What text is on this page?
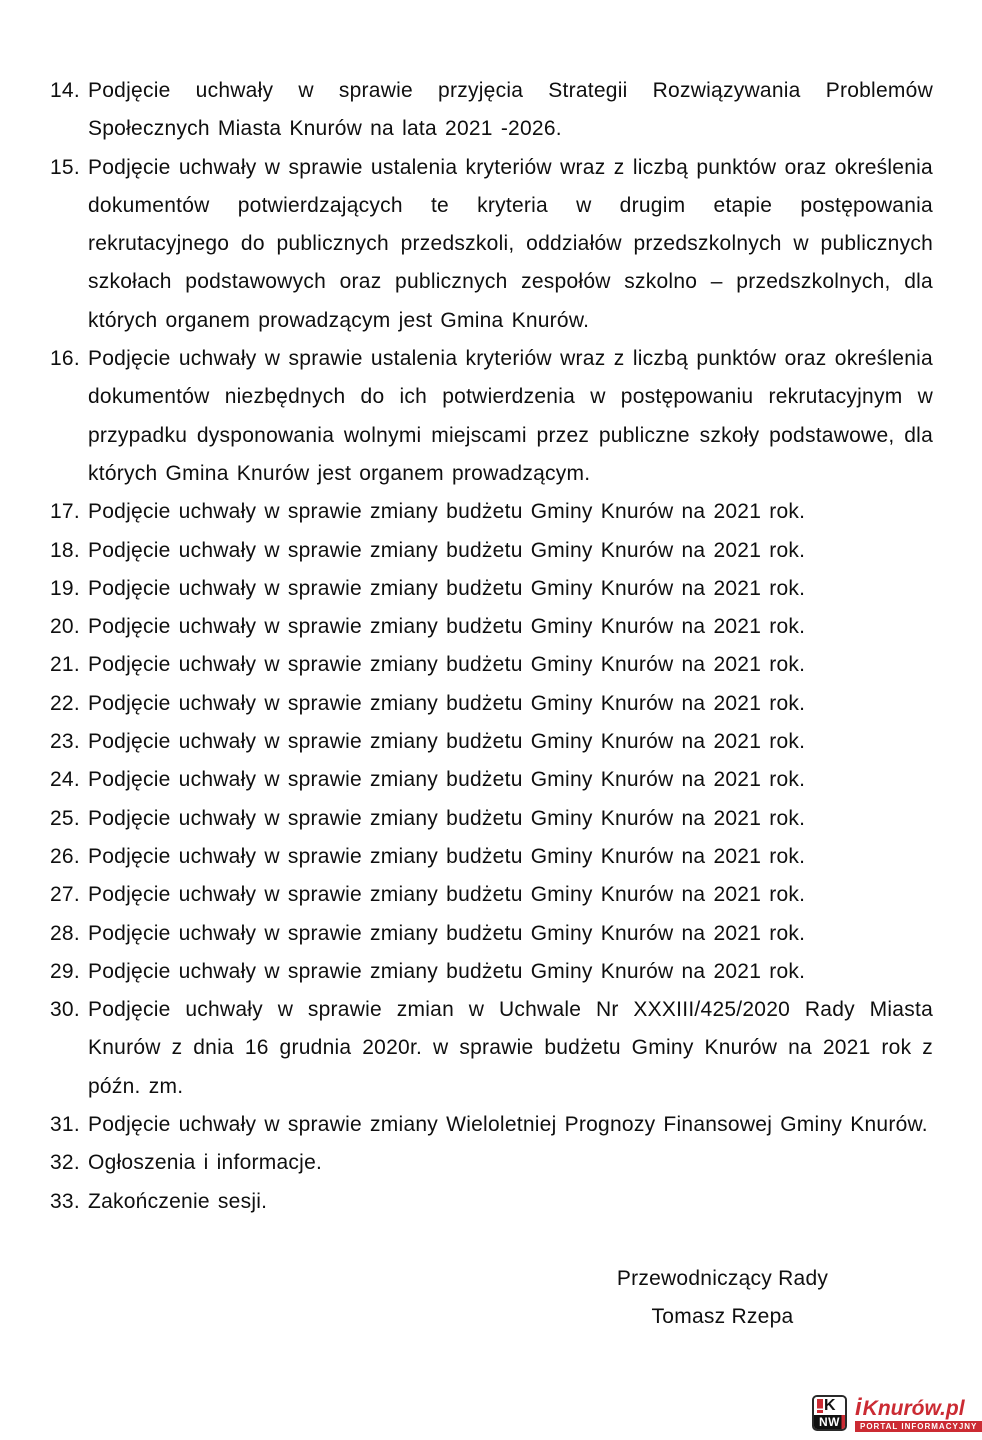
14. Podjęcie uchwały w sprawie przyjęcia Strategii Rozwiązywania Problemów Społecznych Miasta Knurów na lata 2021 -2026.
15. Podjęcie uchwały w sprawie ustalenia kryteriów wraz z liczbą punktów oraz określenia dokumentów potwierdzających te kryteria w drugim etapie postępowania rekrutacyjnego do publicznych przedszkoli, oddziałów przedszkolnych w publicznych szkołach podstawowych oraz publicznych zespołów szkolno – przedszkolnych, dla których organem prowadzącym jest Gmina Knurów.
16. Podjęcie uchwały w sprawie ustalenia kryteriów wraz z liczbą punktów oraz określenia dokumentów niezbędnych do ich potwierdzenia w postępowaniu rekrutacyjnym w przypadku dysponowania wolnymi miejscami przez publiczne szkoły podstawowe, dla których Gmina Knurów jest organem prowadzącym.
17. Podjęcie uchwały w sprawie zmiany budżetu Gminy Knurów na 2021 rok.
18. Podjęcie uchwały w sprawie zmiany budżetu Gminy Knurów na 2021 rok.
19. Podjęcie uchwały w sprawie zmiany budżetu Gminy Knurów na 2021 rok.
20. Podjęcie uchwały w sprawie zmiany budżetu Gminy Knurów na 2021 rok.
21. Podjęcie uchwały w sprawie zmiany budżetu Gminy Knurów na 2021 rok.
22. Podjęcie uchwały w sprawie zmiany budżetu Gminy Knurów na 2021 rok.
23. Podjęcie uchwały w sprawie zmiany budżetu Gminy Knurów na 2021 rok.
24. Podjęcie uchwały w sprawie zmiany budżetu Gminy Knurów na 2021 rok.
25. Podjęcie uchwały w sprawie zmiany budżetu Gminy Knurów na 2021 rok.
26. Podjęcie uchwały w sprawie zmiany budżetu Gminy Knurów na 2021 rok.
27. Podjęcie uchwały w sprawie zmiany budżetu Gminy Knurów na 2021 rok.
28. Podjęcie uchwały w sprawie zmiany budżetu Gminy Knurów na 2021 rok.
29. Podjęcie uchwały w sprawie zmiany budżetu Gminy Knurów na 2021 rok.
30. Podjęcie uchwały w sprawie zmian w Uchwale Nr XXXIII/425/2020 Rady Miasta Knurów z dnia 16 grudnia 2020r. w sprawie budżetu Gminy Knurów na 2021 rok z późn. zm.
31. Podjęcie uchwały w sprawie zmiany Wieloletniej Prognozy Finansowej Gminy Knurów.
32. Ogłoszenia i informacje.
33. Zakończenie sesji.
Przewodniczący Rady
Tomasz Rzepa
K
NW
iKnurów.pl
PORTAL INFORMACYJNY
